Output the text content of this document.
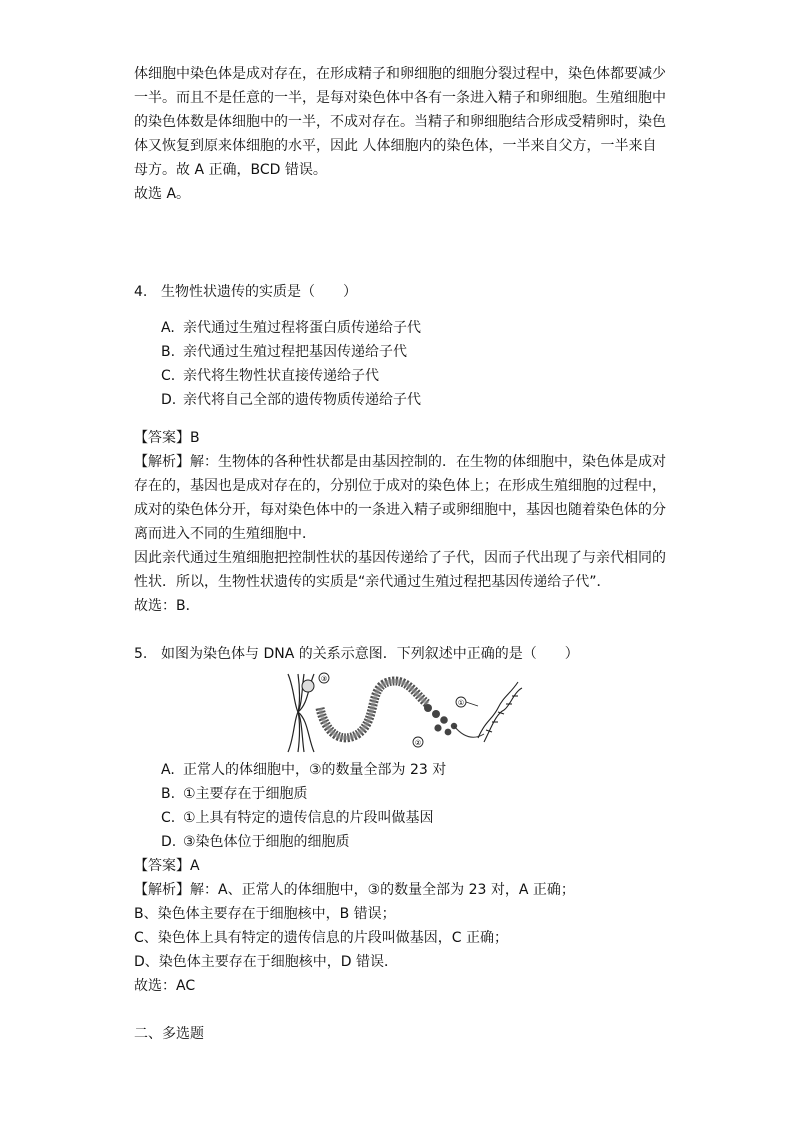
体细胞中染色体是成对存在，在形成精子和卵细胞的细胞分裂过程中，染色体都要减少
一半。而且不是任意的一半，是每对染色体中各有一条进入精子和卵细胞。生殖细胞中
的染色体数是体细胞中的一半，不成对存在。当精子和卵细胞结合形成受精卵时，染色
体又恢复到原来体细胞的水平，因此 人体细胞内的染色体，一半来自父方，一半来自
母方。故 A 正确，BCD 错误。
故选 A。
4. 生物性状遗传的实质是（　　）
A. 亲代通过生殖过程将蛋白质传递给子代
B. 亲代通过生殖过程把基因传递给子代
C. 亲代将生物性状直接传递给子代
D. 亲代将自己全部的遗传物质传递给子代
【答案】B
【解析】解：生物体的各种性状都是由基因控制的．在生物的体细胞中，染色体是成对
存在的，基因也是成对存在的，分别位于成对的染色体上；在形成生殖细胞的过程中，
成对的染色体分开，每对染色体中的一条进入精子或卵细胞中，基因也随着染色体的分
离而进入不同的生殖细胞中．
因此亲代通过生殖细胞把控制性状的基因传递给了子代，因而子代出现了与亲代相同的
性状．所以，生物性状遗传的实质是“亲代通过生殖过程把基因传递给子代”．
故选：B．
5. 如图为染色体与 DNA 的关系示意图．下列叙述中正确的是（　　）
③
②
①
A. 正常人的体细胞中，③的数量全部为 23 对
B. ①主要存在于细胞质
C. ①上具有特定的遗传信息的片段叫做基因
D. ③染色体位于细胞的细胞质
【答案】A
【解析】解：A、正常人的体细胞中，③的数量全部为 23 对，A 正确；
B、染色体主要存在于细胞核中，B 错误；
C、染色体上具有特定的遗传信息的片段叫做基因，C 正确；
D、染色体主要存在于细胞核中，D 错误．
故选：AC
二、多选题
